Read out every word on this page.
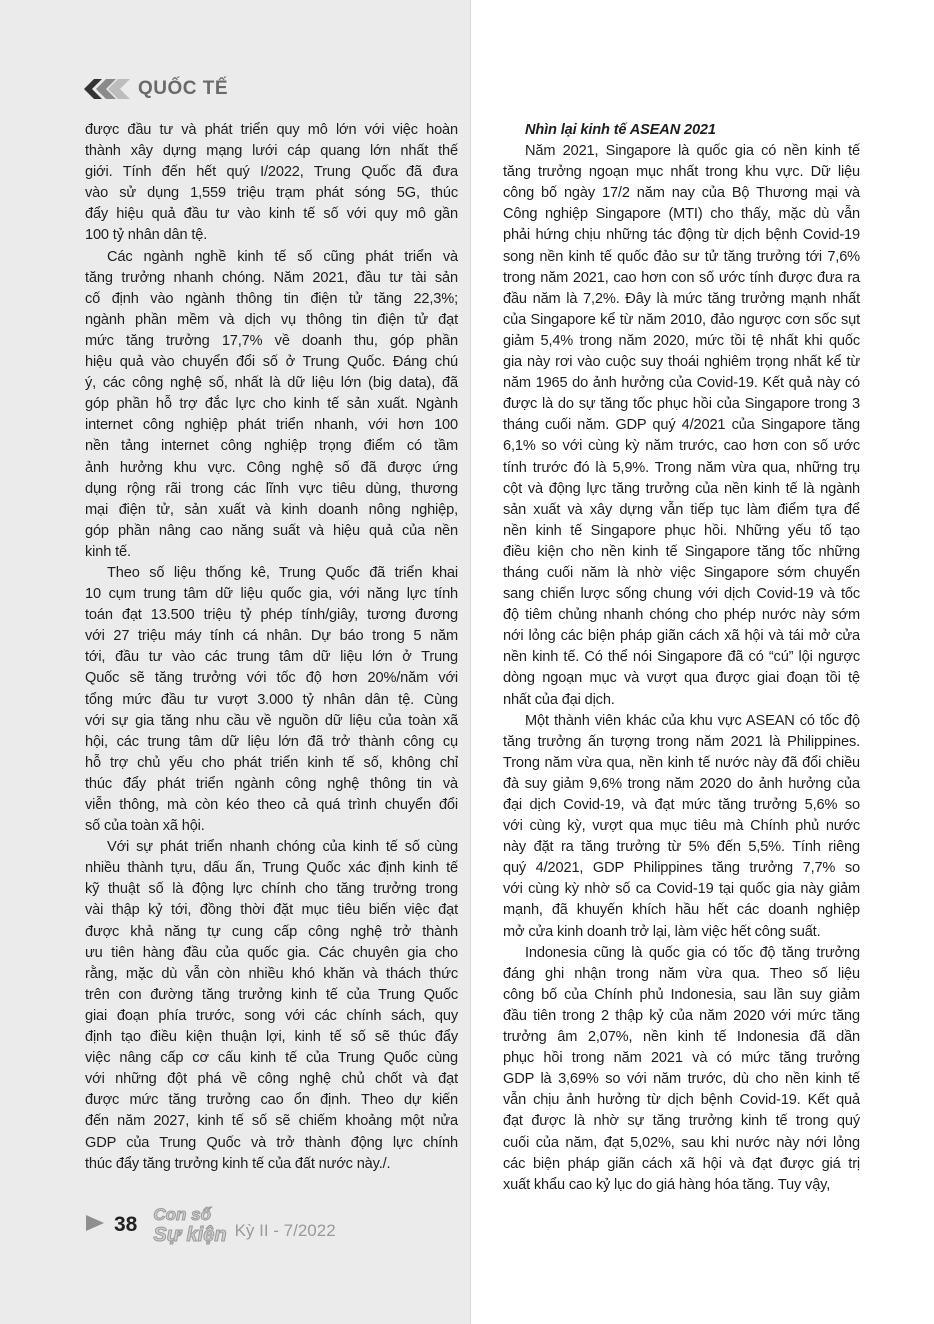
QUỐC TẾ
được đầu tư và phát triển quy mô lớn với việc hoàn
thành xây dựng mạng lưới cáp quang lớn nhất thế
giới. Tính đến hết quý I/2022, Trung Quốc đã đưa
vào sử dụng 1,559 triệu trạm phát sóng 5G, thúc
đẩy hiệu quả đầu tư vào kinh tế số với quy mô gần
100 tỷ nhân dân tệ.
Các ngành nghề kinh tế số cũng phát triển và
tăng trưởng nhanh chóng. Năm 2021, đầu tư tài sản
cố định vào ngành thông tin điện tử tăng 22,3%;
ngành phần mềm và dịch vụ thông tin điện tử đạt
mức tăng trưởng 17,7% về doanh thu, góp phần
hiệu quả vào chuyển đổi số ở Trung Quốc. Đáng chú
ý, các công nghệ số, nhất là dữ liệu lớn (big data), đã
góp phần hỗ trợ đắc lực cho kinh tế sản xuất. Ngành
internet công nghiệp phát triển nhanh, với hơn 100
nền tảng internet công nghiệp trọng điểm có tầm
ảnh hưởng khu vực. Công nghệ số đã được ứng
dụng rộng rãi trong các lĩnh vực tiêu dùng, thương
mại điện tử, sản xuất và kinh doanh nông nghiệp,
góp phần nâng cao năng suất và hiệu quả của nền
kinh tế.
Theo số liệu thống kê, Trung Quốc đã triển khai
10 cụm trung tâm dữ liệu quốc gia, với năng lực tính
toán đạt 13.500 triệu tỷ phép tính/giây, tương đương
với 27 triệu máy tính cá nhân. Dự báo trong 5 năm
tới, đầu tư vào các trung tâm dữ liệu lớn ở Trung
Quốc sẽ tăng trưởng với tốc độ hơn 20%/năm với
tổng mức đầu tư vượt 3.000 tỷ nhân dân tệ. Cùng
với sự gia tăng nhu cầu về nguồn dữ liệu của toàn xã
hội, các trung tâm dữ liệu lớn đã trở thành công cụ
hỗ trợ chủ yếu cho phát triển kinh tế số, không chỉ
thúc đẩy phát triển ngành công nghệ thông tin và
viễn thông, mà còn kéo theo cả quá trình chuyển đổi
số của toàn xã hội.
Với sự phát triển nhanh chóng của kinh tế số cùng
nhiều thành tựu, dấu ấn, Trung Quốc xác định kinh tế
kỹ thuật số là động lực chính cho tăng trưởng trong
vài thập kỷ tới, đồng thời đặt mục tiêu biến việc đạt
được khả năng tự cung cấp công nghệ trở thành
ưu tiên hàng đầu của quốc gia. Các chuyên gia cho
rằng, mặc dù vẫn còn nhiều khó khăn và thách thức
trên con đường tăng trưởng kinh tế của Trung Quốc
giai đoạn phía trước, song với các chính sách, quy
định tạo điều kiện thuận lợi, kinh tế số sẽ thúc đẩy
việc nâng cấp cơ cấu kinh tế của Trung Quốc cùng
với những đột phá về công nghệ chủ chốt và đạt
được mức tăng trưởng cao ổn định. Theo dự kiến
đến năm 2027, kinh tế số sẽ chiếm khoảng một nửa
GDP của Trung Quốc và trở thành động lực chính
thúc đẩy tăng trưởng kinh tế của đất nước này./.
Nhìn lại kinh tế ASEAN 2021
Năm 2021, Singapore là quốc gia có nền kinh tế
tăng trưởng ngoạn mục nhất trong khu vực. Dữ liệu
công bố ngày 17/2 năm nay của Bộ Thương mại và
Công nghiệp Singapore (MTI) cho thấy, mặc dù vẫn
phải hứng chịu những tác động từ dịch bệnh Covid-19
song nền kinh tế quốc đảo sư tử tăng trưởng tới 7,6%
trong năm 2021, cao hơn con số ước tính được đưa ra
đầu năm là 7,2%. Đây là mức tăng trưởng mạnh nhất
của Singapore kể từ năm 2010, đảo ngược cơn sốc sụt
giảm 5,4% trong năm 2020, mức tồi tệ nhất khi quốc
gia này rơi vào cuộc suy thoái nghiêm trọng nhất kể từ
năm 1965 do ảnh hưởng của Covid-19. Kết quả này có
được là do sự tăng tốc phục hồi của Singapore trong 3
tháng cuối năm. GDP quý 4/2021 của Singapore tăng
6,1% so với cùng kỳ năm trước, cao hơn con số ước
tính trước đó là 5,9%. Trong năm vừa qua, những trụ
cột và động lực tăng trưởng của nền kinh tế là ngành
sản xuất và xây dựng vẫn tiếp tục làm điểm tựa để
nền kinh tế Singapore phục hồi. Những yếu tố tạo
điều kiện cho nền kinh tế Singapore tăng tốc những
tháng cuối năm là nhờ việc Singapore sớm chuyển
sang chiến lược sống chung với dịch Covid-19 và tốc
độ tiêm chủng nhanh chóng cho phép nước này sớm
nới lỏng các biện pháp giãn cách xã hội và tái mở cửa
nền kinh tế. Có thể nói Singapore đã có “cú” lội ngược
dòng ngoạn mục và vượt qua được giai đoạn tồi tệ
nhất của đại dịch.
Một thành viên khác của khu vực ASEAN có tốc độ
tăng trưởng ấn tượng trong năm 2021 là Philippines.
Trong năm vừa qua, nền kinh tế nước này đã đổi chiều
đà suy giảm 9,6% trong năm 2020 do ảnh hưởng của
đại dịch Covid-19, và đạt mức tăng trưởng 5,6% so
với cùng kỳ, vượt qua mục tiêu mà Chính phủ nước
này đặt ra tăng trưởng từ 5% đến 5,5%. Tính riêng
quý 4/2021, GDP Philippines tăng trưởng 7,7% so
với cùng kỳ nhờ số ca Covid-19 tại quốc gia này giảm
mạnh, đã khuyến khích hầu hết các doanh nghiệp
mở cửa kinh doanh trở lại, làm việc hết công suất.
Indonesia cũng là quốc gia có tốc độ tăng trưởng
đáng ghi nhận trong năm vừa qua. Theo số liệu
công bố của Chính phủ Indonesia, sau lần suy giảm
đầu tiên trong 2 thập kỷ của năm 2020 với mức tăng
trưởng âm 2,07%, nền kinh tế Indonesia đã dần
phục hồi trong năm 2021 và có mức tăng trưởng
GDP là 3,69% so với năm trước, dù cho nền kinh tế
vẫn chịu ảnh hưởng từ dịch bệnh Covid-19. Kết quả
đạt được là nhờ sự tăng trưởng kinh tế trong quý
cuối của năm, đạt 5,02%, sau khi nước này nới lỏng
các biện pháp giãn cách xã hội và đạt được giá trị
xuất khẩu cao kỷ lục do giá hàng hóa tăng. Tuy vậy,
38 Con số
Sự kiện Kỳ II - 7/2022
